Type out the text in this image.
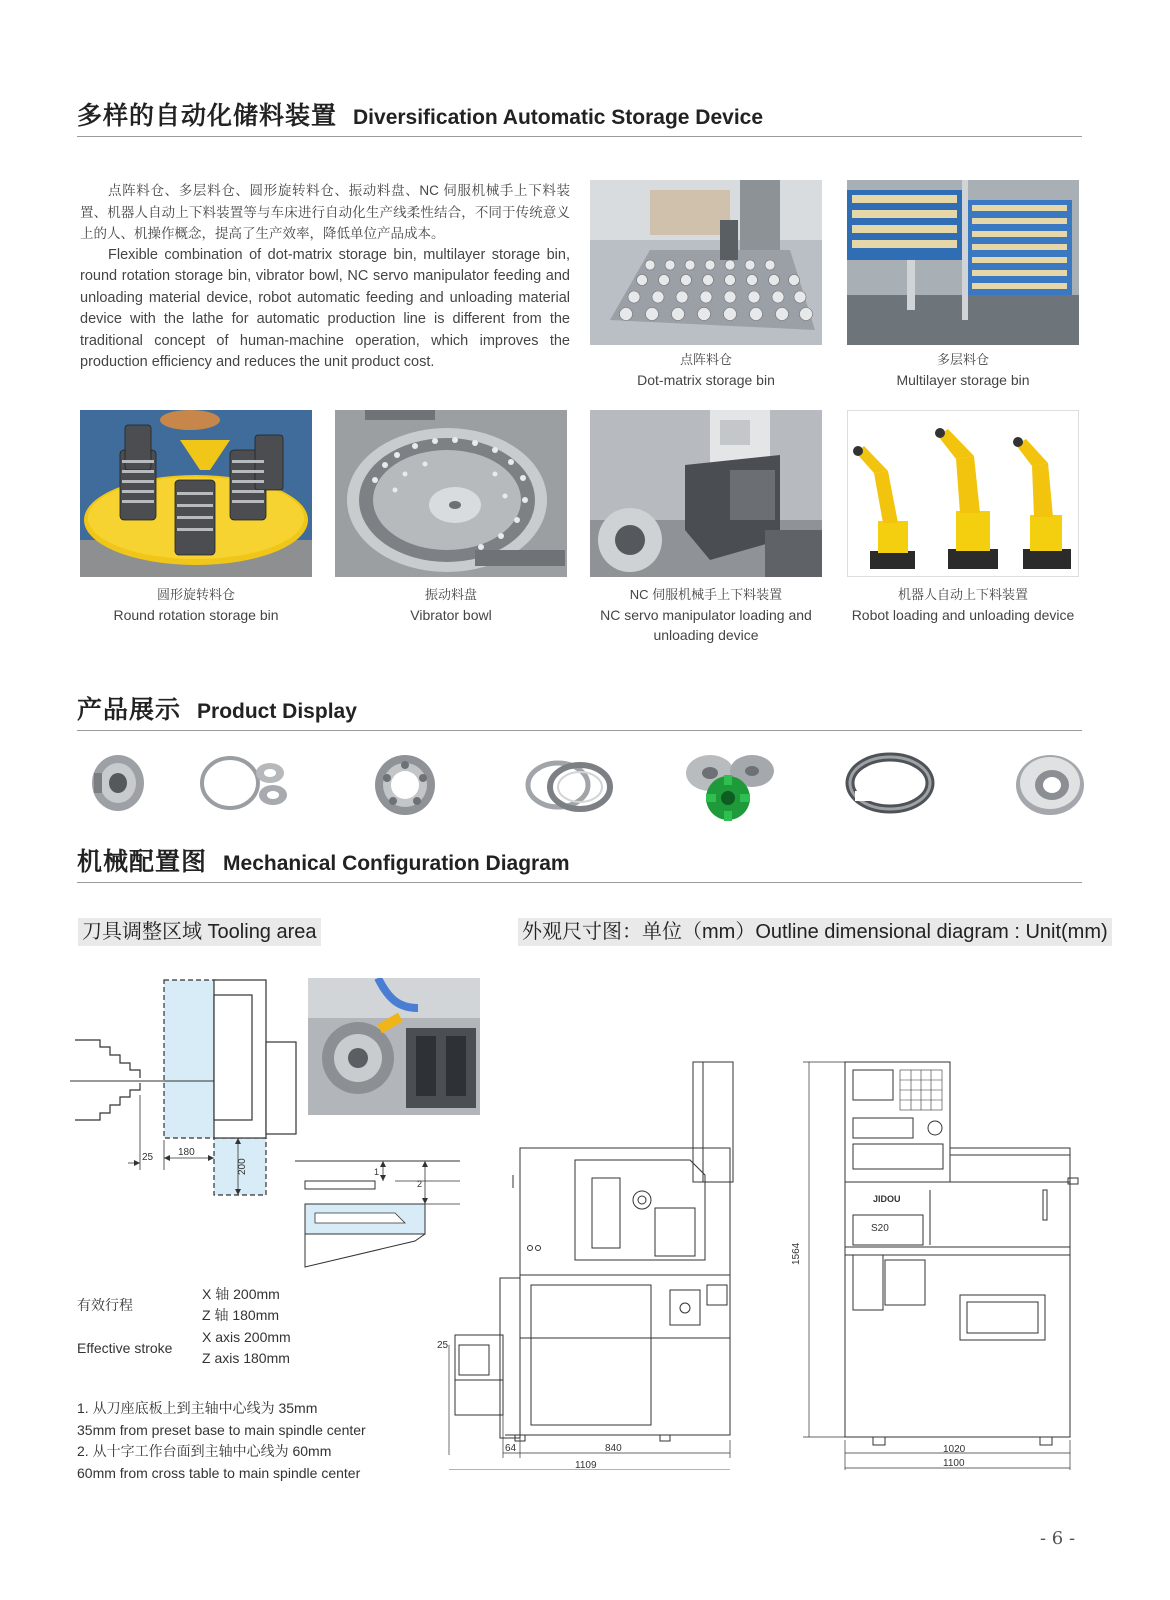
多样的自动化储料装置 Diversification Automatic Storage Device

点阵料仓、多层料仓、圆形旋转料仓、振动料盘、NC 伺服机械手上下料装置、机器人自动上下料装置等与车床进行自动化生产线柔性结合，不同于传统意义上的人、机操作概念，提高了生产效率，降低单位产品成本。

Flexible combination of dot-matrix storage bin, multilayer storage bin, round rotation storage bin, vibrator bowl, NC servo manipulator feeding and unloading material device, robot automatic feeding and unloading material device with the lathe for automatic production line is different from the traditional concept of human-machine operation, which improves the production efficiency and reduces the unit product cost.	点阵料仓
Dot-matrix storage bin
多层料仓
Multilayer storage bin
圆形旋转料仓
Round rotation storage bin
振动料盘
Vibrator bowl
NC 伺服机械手上下料装置
NC servo manipulator loading and unloading device
机器人自动上下料装置
Robot loading and unloading device
产品展示 Product Display
机械配置图 Mechanical Configuration Diagram
刀具调整区域 Tooling area	外观尺寸图：单位（mm）Outline dimensional diagram : Unit(mm)
25 180
200	1
2
有效行程
Effective stroke
X 轴 200mm
Z 轴 180mm
X axis 200mm
Z axis 180mm
1. 从刀座底板上到主轴中心线为 35mm
35mm from preset base to main spindle center
2. 从十字工作台面到主轴中心线为 60mm
60mm from cross table to main spindle center
25
64	840
1109
JIDOU
S20
1564
1020
1100
- 6 -
